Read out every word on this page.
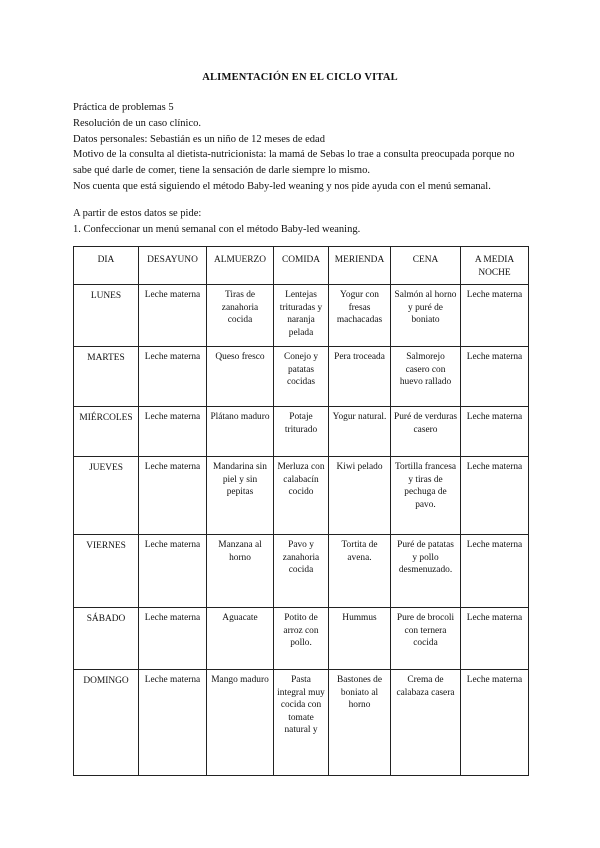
ALIMENTACIÓN EN EL CICLO VITAL

Práctica de problemas 5

Resolución de un caso clínico.

Datos personales: Sebastián es un niño de 12 meses de edad

Motivo de la consulta al dietista-nutricionista: la mamá de Sebas lo trae a consulta preocupada porque no sabe qué darle de comer, tiene la sensación de darle siempre lo mismo.

Nos cuenta que está siguiendo el método Baby-led weaning y nos pide ayuda con el menú semanal.

A partir de estos datos se pide:

1. Confeccionar un menú semanal con el método Baby-led weaning.

DIA	DESAYUNO	ALMUERZO	COMIDA	MERIENDA	CENA	A MEDIA NOCHE
LUNES	Leche materna	Tiras de zanahoria cocida	Lentejas trituradas y naranja pelada	Yogur con fresas machacadas	Salmón al horno y puré de boniato	Leche materna
MARTES	Leche materna	Queso fresco	Conejo y patatas cocidas	Pera troceada	Salmorejo casero con huevo rallado	Leche materna
MIÉRCOLES	Leche materna	Plátano maduro	Potaje triturado	Yogur natural.	Puré de verduras casero	Leche materna
JUEVES	Leche materna	Mandarina sin piel y sin pepitas	Merluza con calabacín cocido	Kiwi pelado	Tortilla francesa y tiras de pechuga de pavo.	Leche materna
VIERNES	Leche materna	Manzana al horno	Pavo y zanahoria cocida	Tortita de avena.	Puré de patatas y pollo desmenuzado.	Leche materna
SÁBADO	Leche materna	Aguacate	Potito de arroz con pollo.	Hummus	Pure de brocoli con ternera cocida	Leche materna
DOMINGO	Leche materna	Mango maduro	Pasta integral muy cocida con tomate natural y	Bastones de boniato al horno	Crema de calabaza casera	Leche materna
